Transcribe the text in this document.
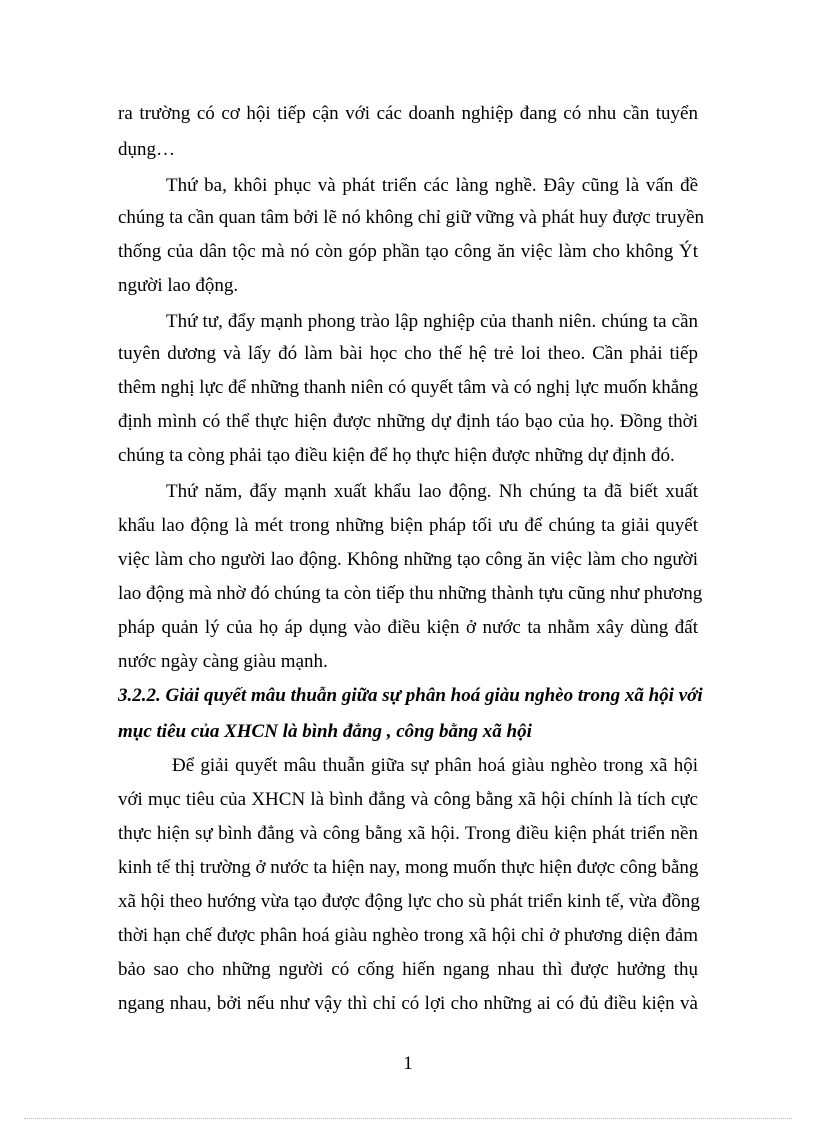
ra trường có cơ hội tiếp cận với các doanh nghiệp đang có nhu cần tuyển
dụng…
Thứ ba, khôi phục và phát triển các làng nghề. Đây cũng là vấn đề
chúng ta cần quan tâm bởi lẽ nó không chỉ giữ vững và phát huy được truyền
thống của dân tộc mà nó còn góp phần tạo công ăn việc làm cho không Ýt
người lao động.
Thứ tư, đẩy mạnh phong trào lập nghiệp của thanh niên. chúng ta cần
tuyên dương và lấy đó làm bài học cho thế hệ trẻ loi theo. Cần phải tiếp
thêm nghị lực để những thanh niên có quyết tâm và có nghị lực muốn khẳng
định mình có thể thực hiện được những dự định táo bạo của họ. Đồng thời
chúng ta còng phải tạo điều kiện để họ thực hiện được những dự định đó.
Thứ năm, đẩy mạnh xuất khẩu lao động. Nh chúng ta đã biết xuất
khẩu lao động là mét trong những biện pháp tối ưu để chúng ta giải quyết
việc làm cho người lao động. Không những tạo công ăn việc làm cho người
lao động mà nhờ đó chúng ta còn tiếp thu những thành tựu cũng như phương
pháp quản lý của họ áp dụng vào điều kiện ở nước ta nhằm xây dùng đất
nước ngày càng giàu mạnh.
3.2.2. Giải quyết mâu thuẫn giữa sự phân hoá giàu nghèo trong xã hội với
mục tiêu của XHCN là bình đẳng , công bằng xã hội
Để giải quyết mâu thuẫn giữa sự phân hoá giàu nghèo trong xã hội
với mục tiêu của XHCN là bình đẳng và công bằng xã hội chính là tích cực
thực hiện sự bình đẳng và công bằng xã hội. Trong điều kiện phát triển nền
kinh tế thị trường ở nước ta hiện nay, mong muốn thực hiện được công bằng
xã hội theo hướng vừa tạo được động lực cho sù phát triển kinh tế, vừa đồng
thời hạn chế được phân hoá giàu nghèo trong xã hội chỉ ở phương diện đảm
bảo sao cho những người có cống hiến ngang nhau thì được hưởng thụ
ngang nhau, bởi nếu như vậy thì chỉ có lợi cho những ai có đủ điều kiện và
1
